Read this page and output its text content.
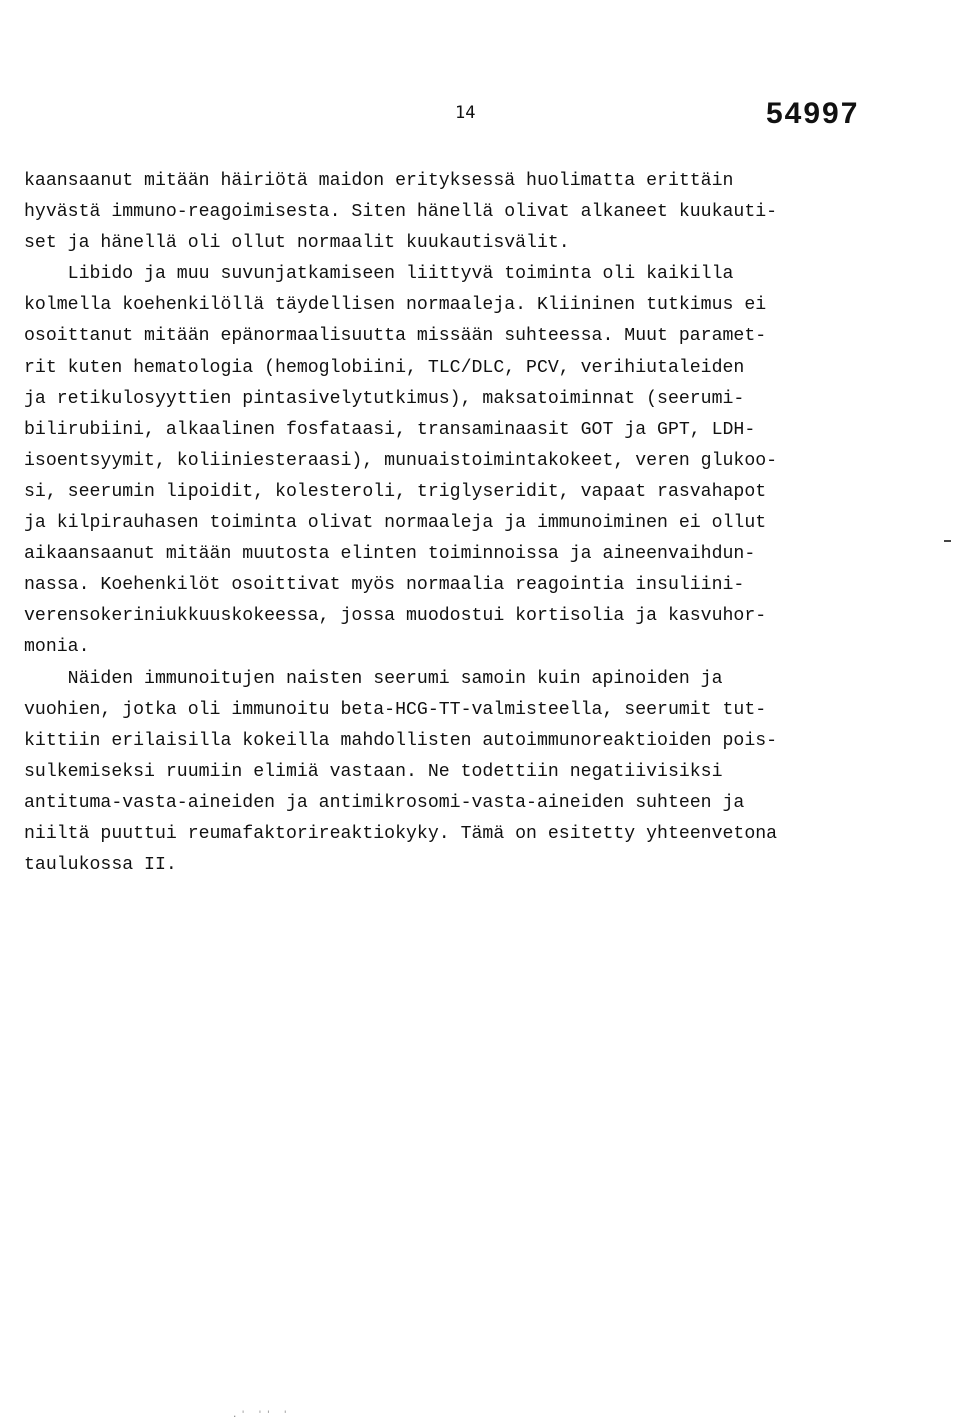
14	54997
kaansaanut mitään häiriötä maidon erityksessä huolimatta erittäin
hyvästä immuno-reagoimisesta. Siten hänellä olivat alkaneet kuukauti-
set ja hänellä oli ollut normaalit kuukautisvälit.
Libido ja muu suvunjatkamiseen liittyvä toiminta oli kaikilla
kolmella koehenkilöllä täydellisen normaaleja. Kliininen tutkimus ei
osoittanut mitään epänormaalisuutta missään suhteessa. Muut paramet-
rit kuten hematologia (hemoglobiini, TLC/DLC, PCV, verihiutaleiden
ja retikulosyyttien pintasivelytutkimus), maksatoiminnat (seerumi-
bilirubiini, alkaalinen fosfataasi, transaminaasit GOT ja GPT, LDH-
isoentsyymit, koliiniesteraasi), munuaistoimintakokeet, veren glukoo-
si, seerumin lipoidit, kolesteroli, triglyseridit, vapaat rasvahapot
ja kilpirauhasen toiminta olivat normaaleja ja immunoiminen ei ollut
aikaansaanut mitään muutosta elinten toiminnoissa ja aineenvaihdun-
nassa. Koehenkilöt osoittivat myös normaalia reagointia insuliini-
verensokeriniukkuuskokeessa, jossa muodostui kortisolia ja kasvuhor-
monia.
Näiden immunoitujen naisten seerumi samoin kuin apinoiden ja
vuohien, jotka oli immunoitu beta-HCG-TT-valmisteella, seerumit tut-
kittiin erilaisilla kokeilla mahdollisten autoimmunoreaktioiden pois-
sulkemiseksi ruumiin elimiä vastaan. Ne todettiin negatiivisiksi
antituma-vasta-aineiden ja antimikrosomi-vasta-aineiden suhteen ja
niiltä puuttui reumafaktorireaktiokyky. Tämä on esitetty yhteenvetona
taulukossa II.
.' '' '
